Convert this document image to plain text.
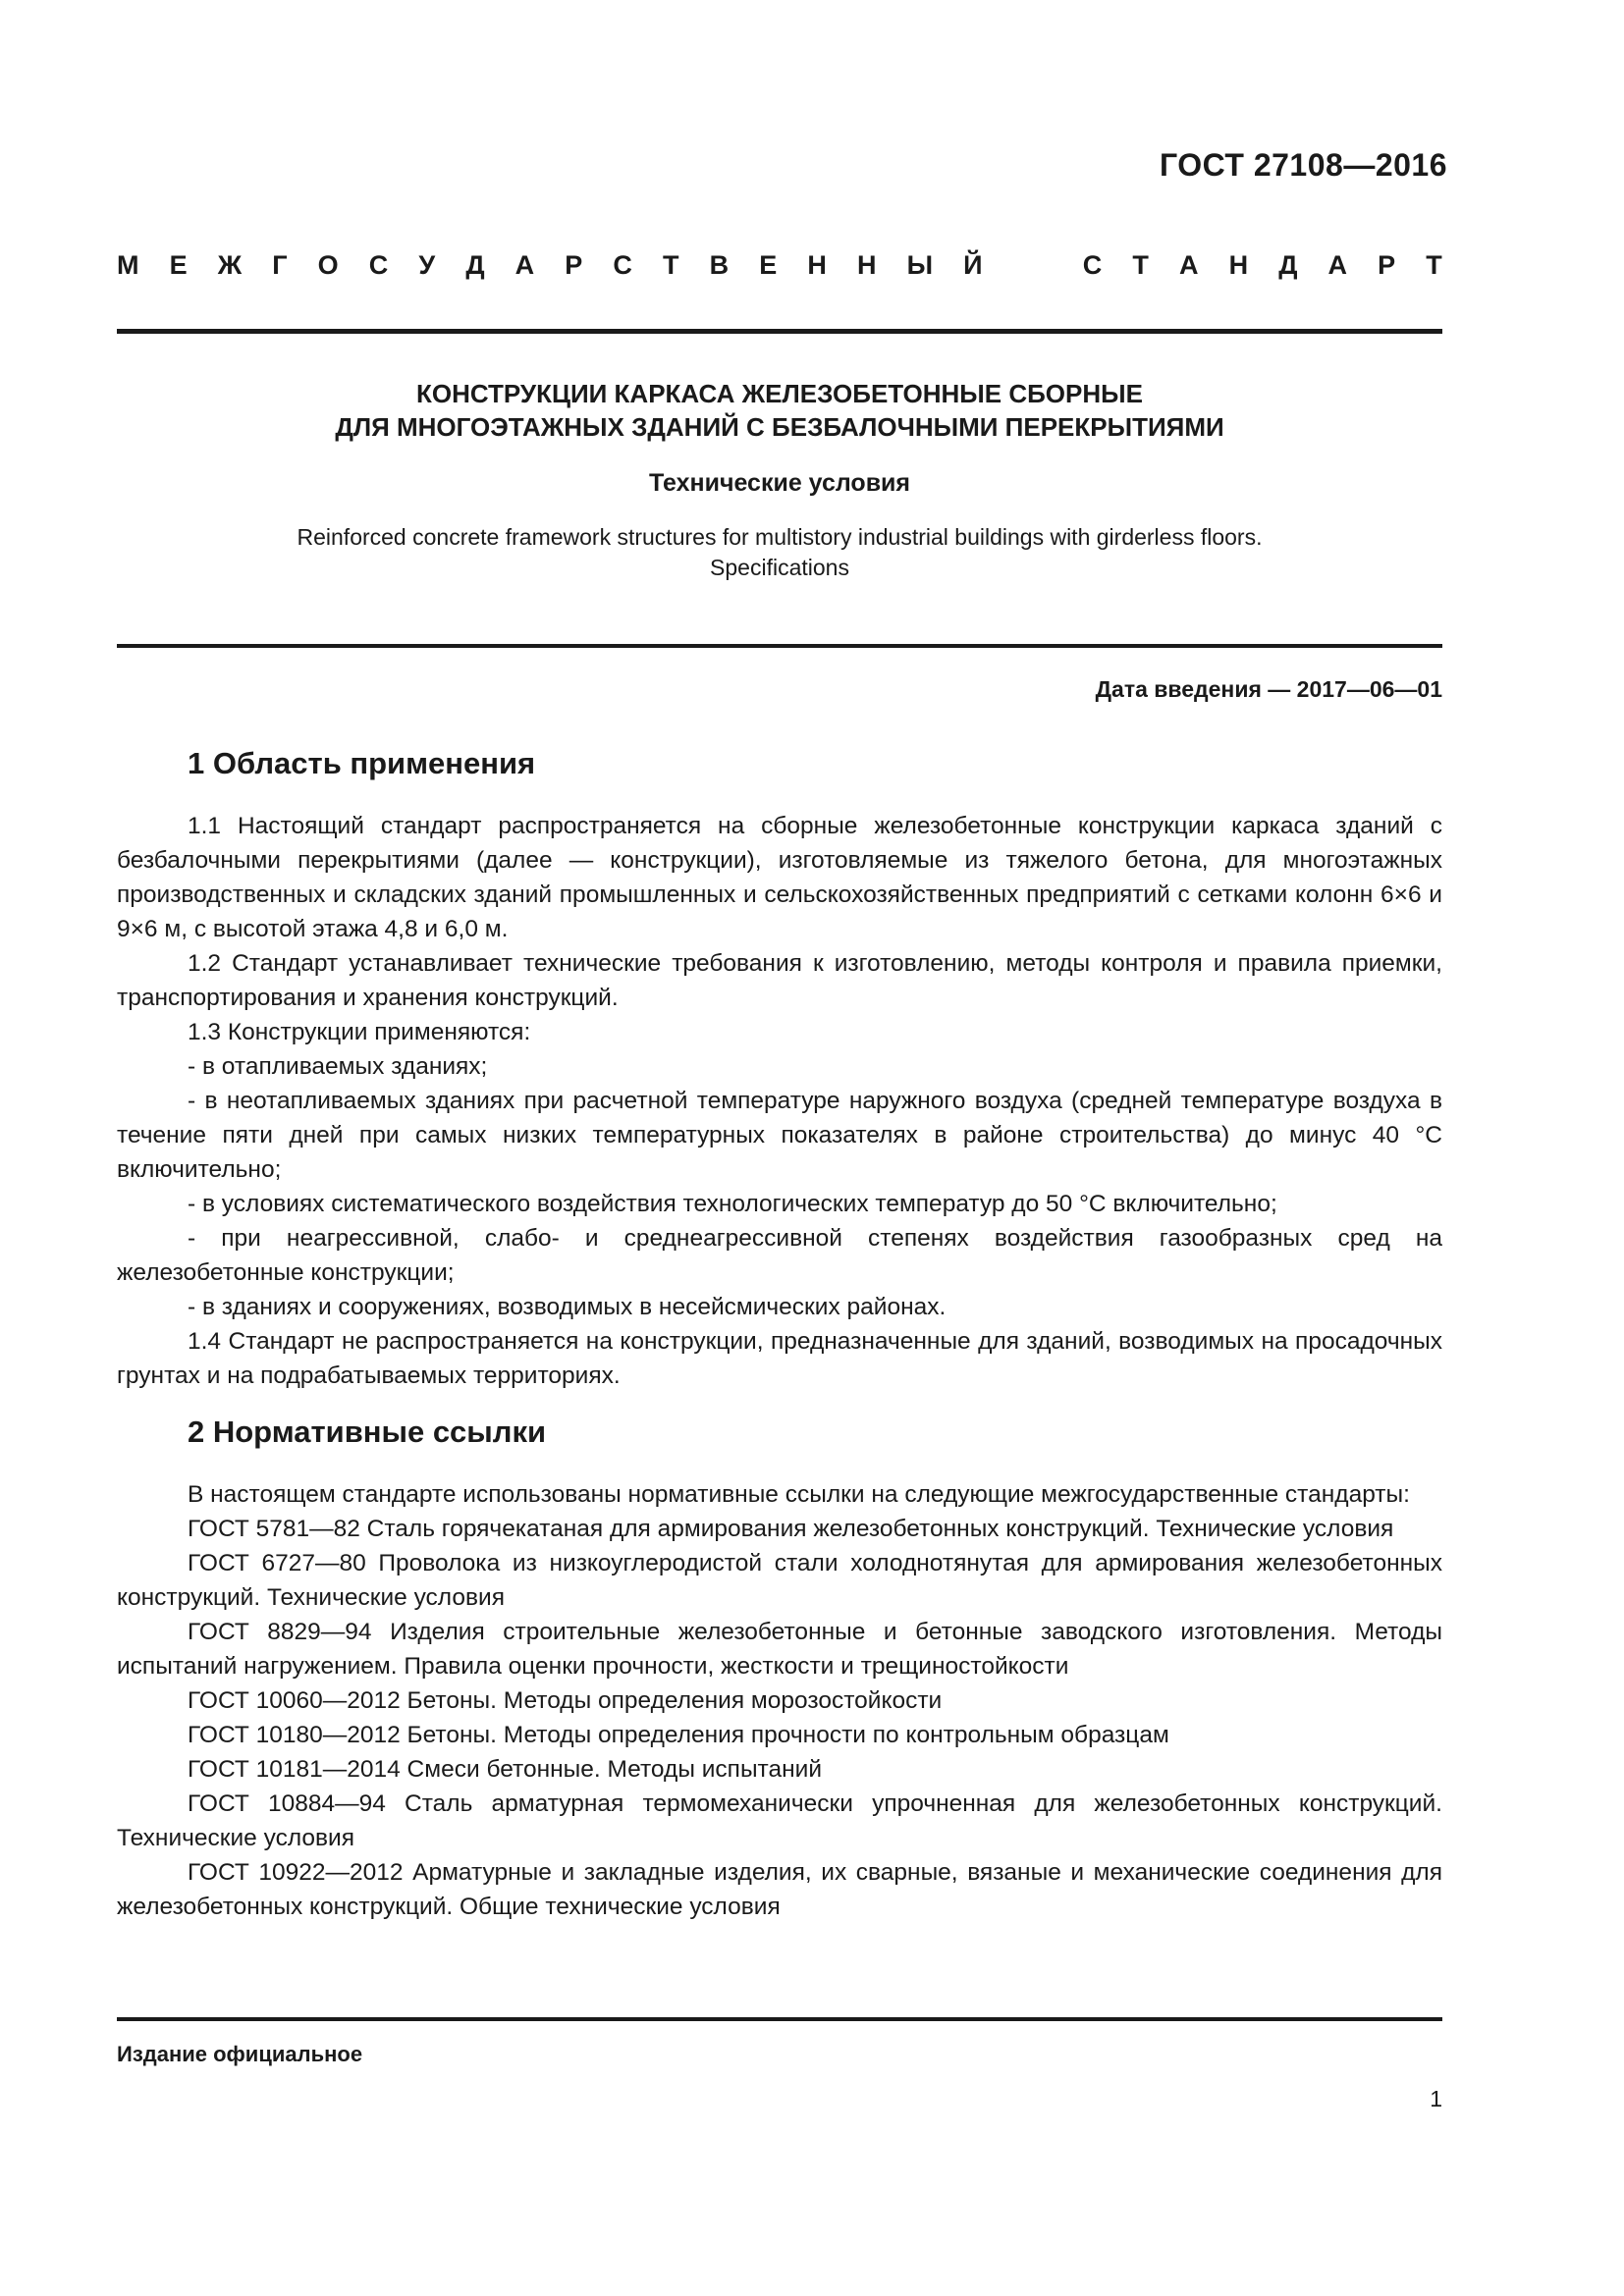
ГОСТ 27108—2016
М Е Ж Г О С У Д А Р С Т В Е Н Н Ы Й	С Т А Н Д А Р Т
КОНСТРУКЦИИ КАРКАСА ЖЕЛЕЗОБЕТОННЫЕ СБОРНЫЕ
ДЛЯ МНОГОЭТАЖНЫХ ЗДАНИЙ С БЕЗБАЛОЧНЫМИ ПЕРЕКРЫТИЯМИ
Технические условия
Reinforced concrete framework structures for multistory industrial buildings with girderless floors.
Specifications
Дата введения — 2017—06—01
1 Область применения

1.1 Настоящий стандарт распространяется на сборные железобетонные конструкции каркаса зданий с безбалочными перекрытиями (далее — конструкции), изготовляемые из тяжелого бетона, для многоэтажных производственных и складских зданий промышленных и сельскохозяйственных предприятий с сетками колонн 6×6 и 9×6 м, с высотой этажа 4,8 и 6,0 м.

1.2 Стандарт устанавливает технические требования к изготовлению, методы контроля и правила приемки, транспортирования и хранения конструкций.

1.3 Конструкции применяются:

- в отапливаемых зданиях;

- в неотапливаемых зданиях при расчетной температуре наружного воздуха (средней температуре воздуха в течение пяти дней при самых низких температурных показателях в районе строительства) до минус 40 °С включительно;

- в условиях систематического воздействия технологических температур до 50 °С включительно;

- при неагрессивной, слабо- и среднеагрессивной степенях воздействия газообразных сред на железобетонные конструкции;

- в зданиях и сооружениях, возводимых в несейсмических районах.

1.4 Стандарт не распространяется на конструкции, предназначенные для зданий, возводимых на просадочных грунтах и на подрабатываемых территориях.

2 Нормативные ссылки

В настоящем стандарте использованы нормативные ссылки на следующие межгосударственные стандарты:

ГОСТ 5781—82 Сталь горячекатаная для армирования железобетонных конструкций. Технические условия

ГОСТ 6727—80 Проволока из низкоуглеродистой стали холоднотянутая для армирования железобетонных конструкций. Технические условия

ГОСТ 8829—94 Изделия строительные железобетонные и бетонные заводского изготовления. Методы испытаний нагружением. Правила оценки прочности, жесткости и трещиностойкости

ГОСТ 10060—2012 Бетоны. Методы определения морозостойкости

ГОСТ 10180—2012 Бетоны. Методы определения прочности по контрольным образцам

ГОСТ 10181—2014 Смеси бетонные. Методы испытаний

ГОСТ 10884—94 Сталь арматурная термомеханически упрочненная для железобетонных конструкций. Технические условия

ГОСТ 10922—2012 Арматурные и закладные изделия, их сварные, вязаные и механические соединения для железобетонных конструкций. Общие технические условия

Издание официальное
1
